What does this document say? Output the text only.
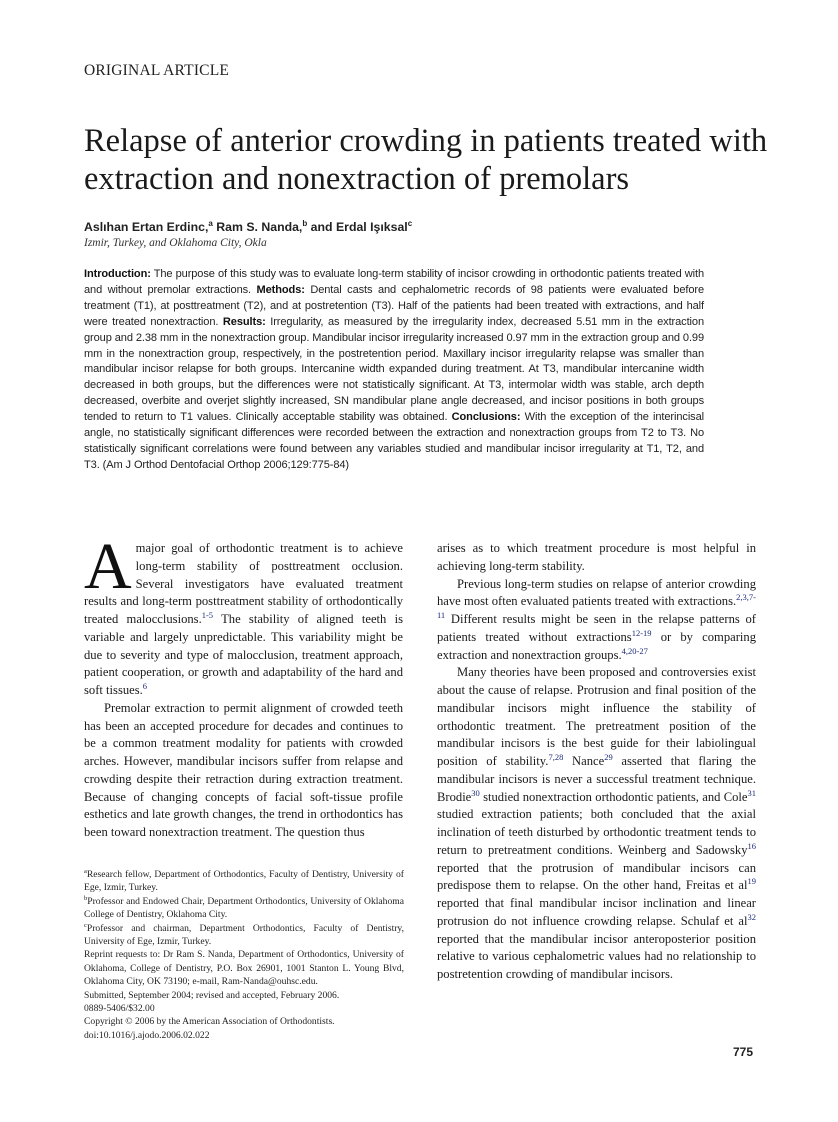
ORIGINAL ARTICLE
Relapse of anterior crowding in patients treated with extraction and nonextraction of premolars
Aslıhan Ertan Erdinc,$^a$ Ram S. Nanda,$^b$ and Erdal Işıksal$^c$
Izmir, Turkey, and Oklahoma City, Okla

Introduction: The purpose of this study was to evaluate long-term stability of incisor crowding in orthodontic patients treated with and without premolar extractions. Methods: Dental casts and cephalometric records of 98 patients were evaluated before treatment (T1), at posttreatment (T2), and at postretention (T3). Half of the patients had been treated with extractions, and half were treated nonextraction. Results: Irregularity, as measured by the irregularity index, decreased 5.51 mm in the extraction group and 2.38 mm in the nonextraction group. Mandibular incisor irregularity increased 0.97 mm in the extraction group and 0.99 mm in the nonextraction group, respectively, in the postretention period. Maxillary incisor irregularity relapse was smaller than mandibular incisor relapse for both groups. Intercanine width expanded during treatment. At T3, mandibular intercanine width decreased in both groups, but the differences were not statistically significant. At T3, intermolar width was stable, arch depth decreased, overbite and overjet slightly increased, SN mandibular plane angle decreased, and incisor positions in both groups tended to return to T1 values. Clinically acceptable stability was obtained. Conclusions: With the exception of the interincisal angle, no statistically significant differences were recorded between the extraction and nonextraction groups from T2 to T3. No statistically significant correlations were found between any variables studied and mandibular incisor irregularity at T1, T2, and T3. (Am J Orthod Dentofacial Orthop 2006;129:775-84)

A major goal of orthodontic treatment is to achieve long-term stability of posttreatment occlusion. Several investigators have evaluated treatment results and long-term posttreatment stability of orthodontically treated malocclusions.$^{1-5}$ The stability of aligned teeth is variable and largely unpredictable. This variability might be due to severity and type of malocclusion, treatment approach, patient cooperation, or growth and adaptability of the hard and soft tissues.$^6$

Premolar extraction to permit alignment of crowded teeth has been an accepted procedure for decades and continues to be a common treatment modality for patients with crowded arches. However, mandibular incisors suffer from relapse and crowding despite their retraction during extraction treatment. Because of changing concepts of facial soft-tissue profile esthetics and late growth changes, the trend in orthodontics has been toward nonextraction treatment. The question thus

arises as to which treatment procedure is most helpful in achieving long-term stability.

Previous long-term studies on relapse of anterior crowding have most often evaluated patients treated with extractions.$^{2,3,7-11}$ Different results might be seen in the relapse patterns of patients treated without extractions$^{12-19}$ or by comparing extraction and nonextraction groups.$^{4,20-27}$

Many theories have been proposed and controversies exist about the cause of relapse. Protrusion and final position of the mandibular incisors might influence the stability of orthodontic treatment. The pretreatment position of the mandibular incisors is the best guide for their labiolingual position of stability.$^{7,28}$ Nance$^{29}$ asserted that flaring the mandibular incisors is never a successful treatment technique. Brodie$^{30}$ studied nonextraction orthodontic patients, and Cole$^{31}$ studied extraction patients; both concluded that the axial inclination of teeth disturbed by orthodontic treatment tends to return to pretreatment conditions. Weinberg and Sadowsky$^{16}$ reported that the protrusion of mandibular incisors can predispose them to relapse. On the other hand, Freitas et al$^{19}$ reported that final mandibular incisor inclination and linear protrusion do not influence crowding relapse. Schulaf et al$^{32}$ reported that the mandibular incisor anteroposterior position relative to various cephalometric values had no relationship to postretention crowding of mandibular incisors.

$^a$Research fellow, Department of Orthodontics, Faculty of Dentistry, University of Ege, Izmir, Turkey.
$^b$Professor and Endowed Chair, Department Orthodontics, University of Oklahoma College of Dentistry, Oklahoma City.
$^c$Professor and chairman, Department Orthodontics, Faculty of Dentistry, University of Ege, Izmir, Turkey.
Reprint requests to: Dr Ram S. Nanda, Department of Orthodontics, University of Oklahoma, College of Dentistry, P.O. Box 26901, 1001 Stanton L. Young Blvd, Oklahoma City, OK 73190; e-mail, Ram-Nanda@ouhsc.edu.
Submitted, September 2004; revised and accepted, February 2006.
0889-5406/$32.00
Copyright © 2006 by the American Association of Orthodontists.
doi:10.1016/j.ajodo.2006.02.022
775
